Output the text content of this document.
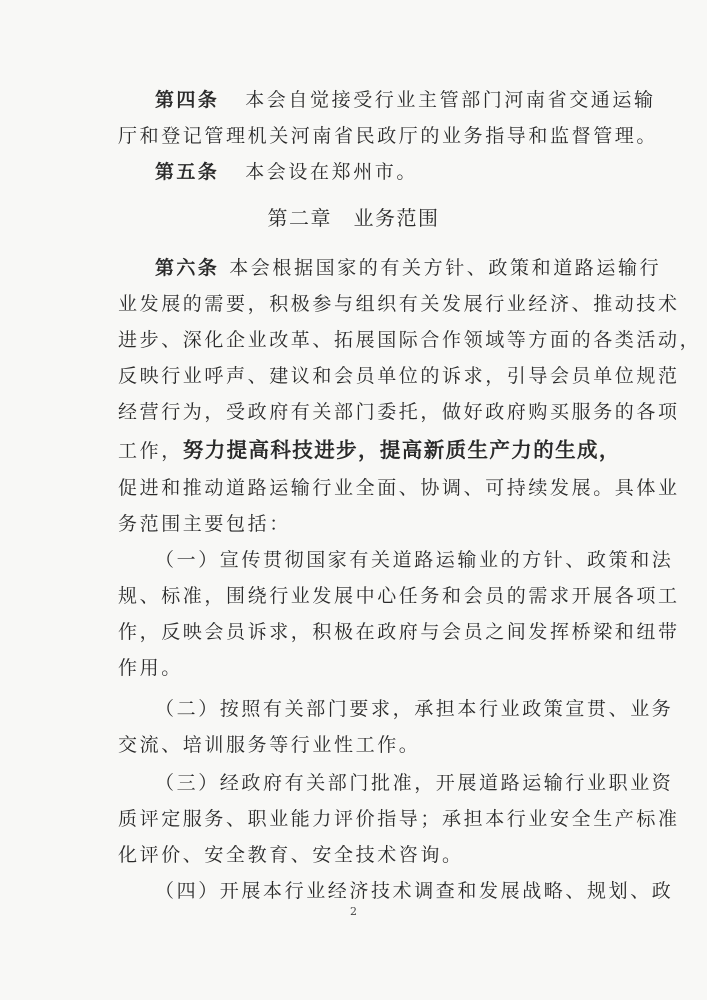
第四条 本会自觉接受行业主管部门河南省交通运输
厅和登记管理机关河南省民政厅的业务指导和监督管理。
第五条 本会设在郑州市。
第二章　业务范围
第六条 本会根据国家的有关方针、政策和道路运输行
业发展的需要，积极参与组织有关发展行业经济、推动技术
进步、深化企业改革、拓展国际合作领域等方面的各类活动，
反映行业呼声、建议和会员单位的诉求，引导会员单位规范
经营行为，受政府有关部门委托，做好政府购买服务的各项
工作，努力提高科技进步，提高新质生产力的生成，
促进和推动道路运输行业全面、协调、可持续发展。具体业
务范围主要包括：
（一）宣传贯彻国家有关道路运输业的方针、政策和法
规、标准，围绕行业发展中心任务和会员的需求开展各项工
作，反映会员诉求，积极在政府与会员之间发挥桥梁和纽带
作用。
（二）按照有关部门要求，承担本行业政策宣贯、业务
交流、培训服务等行业性工作。
（三）经政府有关部门批准，开展道路运输行业职业资
质评定服务、职业能力评价指导；承担本行业安全生产标准
化评价、安全教育、安全技术咨询。
（四）开展本行业经济技术调查和发展战略、规划、政
2
